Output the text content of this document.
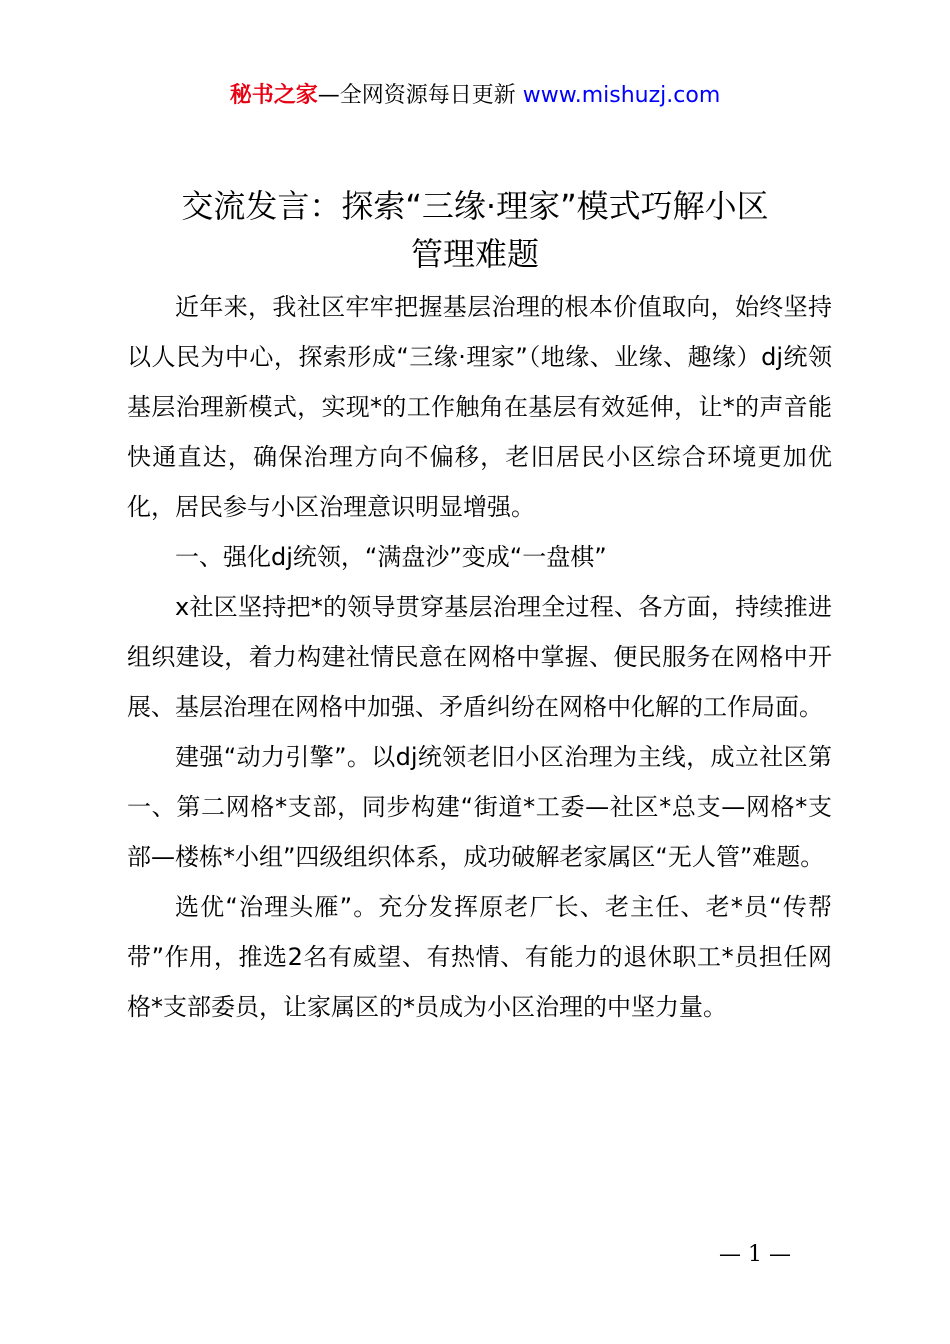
秘书之家—全网资源每日更新 www.mishuzj.com
交流发言：探索“三缘·理家”模式巧解小区
管理难题

近年来，我社区牢牢把握基层治理的根本价值取向，始终坚持以人民为中心，探索形成“三缘·理家”（地缘、业缘、趣缘）dj统领基层治理新模式，实现*的工作触角在基层有效延伸，让*的声音能快通直达，确保治理方向不偏移，老旧居民小区综合环境更加优化，居民参与小区治理意识明显增强。

一、强化dj统领，“满盘沙”变成“一盘棋”

x社区坚持把*的领导贯穿基层治理全过程、各方面，持续推进组织建设，着力构建社情民意在网格中掌握、便民服务在网格中开展、基层治理在网格中加强、矛盾纠纷在网格中化解的工作局面。

建强“动力引擎”。以dj统领老旧小区治理为主线，成立社区第一、第二网格*支部，同步构建“街道*工委—社区*总支—网格*支部—楼栋*小组”四级组织体系，成功破解老家属区“无人管”难题。

选优“治理头雁”。充分发挥原老厂长、老主任、老*员“传帮带”作用，推选2名有威望、有热情、有能力的退休职工*员担任网格*支部委员，让家属区的*员成为小区治理的中坚力量。

— 1 —
